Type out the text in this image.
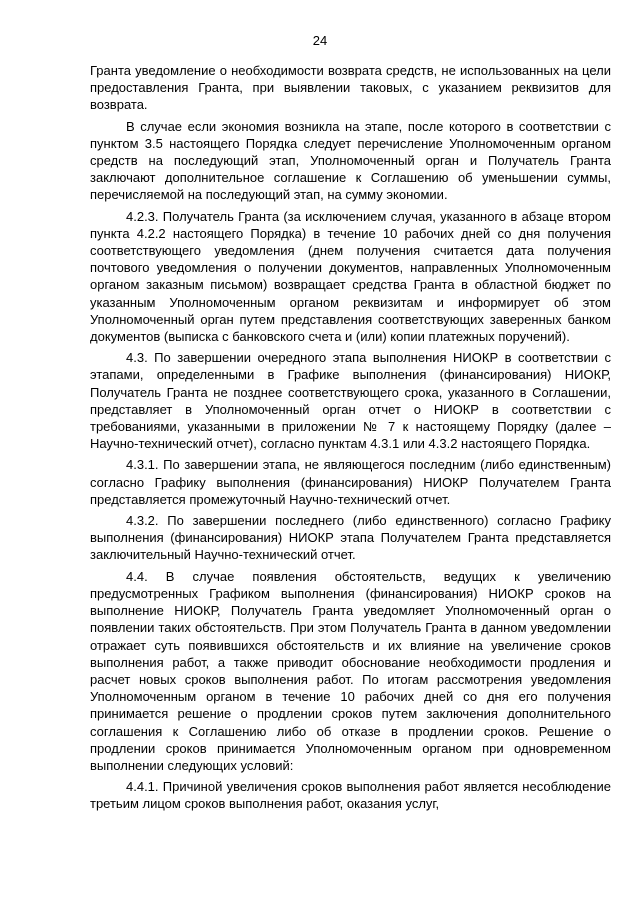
24

Гранта уведомление о необходимости возврата средств, не использованных на цели предоставления Гранта, при выявлении таковых, с указанием реквизитов для возврата.

В случае если экономия возникла на этапе, после которого в соответствии с пунктом 3.5 настоящего Порядка следует перечисление Уполномоченным органом средств на последующий этап, Уполномоченный орган и Получатель Гранта заключают дополнительное соглашение к Соглашению об уменьшении суммы, перечисляемой на последующий этап, на сумму экономии.

4.2.3. Получатель Гранта (за исключением случая, указанного в абзаце втором пункта 4.2.2 настоящего Порядка) в течение 10 рабочих дней со дня получения соответствующего уведомления (днем получения считается дата получения почтового уведомления о получении документов, направленных Уполномоченным органом заказным письмом) возвращает средства Гранта в областной бюджет по указанным Уполномоченным органом реквизитам и информирует об этом Уполномоченный орган путем представления соответствующих заверенных банком документов (выписка с банковского счета и (или) копии платежных поручений).

4.3. По завершении очередного этапа выполнения НИОКР в соответствии с этапами, определенными в Графике выполнения (финансирования) НИОКР, Получатель Гранта не позднее соответствующего срока, указанного в Соглашении, представляет в Уполномоченный орган отчет о НИОКР в соответствии с требованиями, указанными в приложении № 7 к настоящему Порядку (далее – Научно-технический отчет), согласно пунктам 4.3.1 или 4.3.2 настоящего Порядка.

4.3.1. По завершении этапа, не являющегося последним (либо единственным) согласно Графику выполнения (финансирования) НИОКР Получателем Гранта представляется промежуточный Научно-технический отчет.

4.3.2. По завершении последнего (либо единственного) согласно Графику выполнения (финансирования) НИОКР этапа Получателем Гранта представляется заключительный Научно-технический отчет.

4.4. В случае появления обстоятельств, ведущих к увеличению предусмотренных Графиком выполнения (финансирования) НИОКР сроков на выполнение НИОКР, Получатель Гранта уведомляет Уполномоченный орган о появлении таких обстоятельств. При этом Получатель Гранта в данном уведомлении отражает суть появившихся обстоятельств и их влияние на увеличение сроков выполнения работ, а также приводит обоснование необходимости продления и расчет новых сроков выполнения работ. По итогам рассмотрения уведомления Уполномоченным органом в течение 10 рабочих дней со дня его получения принимается решение о продлении сроков путем заключения дополнительного соглашения к Соглашению либо об отказе в продлении сроков. Решение о продлении сроков принимается Уполномоченным органом при одновременном выполнении следующих условий:

4.4.1. Причиной увеличения сроков выполнения работ является несоблюдение третьим лицом сроков выполнения работ, оказания услуг,
